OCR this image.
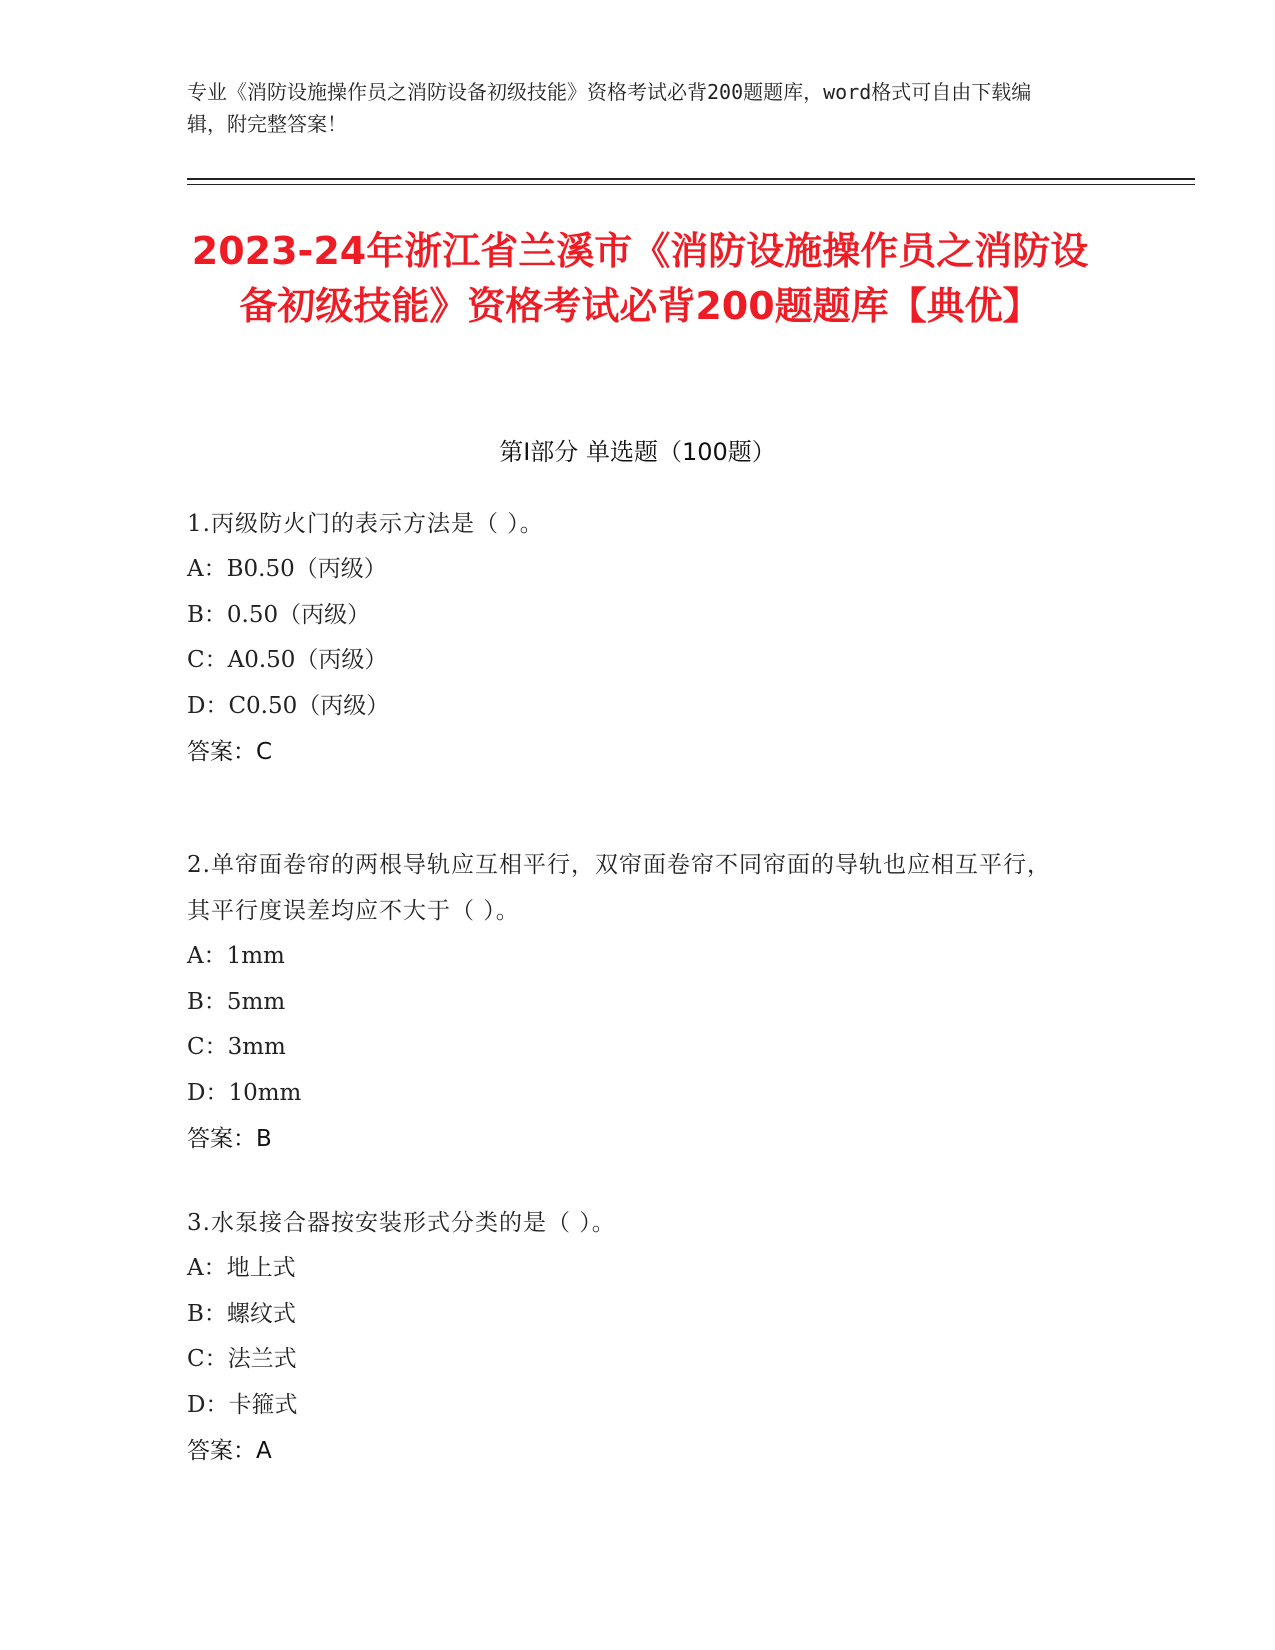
专业《消防设施操作员之消防设备初级技能》资格考试必背200题题库，word格式可自由下载编辑，附完整答案！
2023-24年浙江省兰溪市《消防设施操作员之消防设备初级技能》资格考试必背200题题库【典优】
第I部分 单选题（100题）
1.丙级防火门的表示方法是（ ）。
A：B0.50（丙级）
B：0.50（丙级）
C：A0.50（丙级）
D：C0.50（丙级）
答案：C
2.单帘面卷帘的两根导轨应互相平行，双帘面卷帘不同帘面的导轨也应相互平行，其平行度误差均应不大于（ ）。
A：1mm
B：5mm
C：3mm
D：10mm
答案：B
3.水泵接合器按安装形式分类的是（ ）。
A：地上式
B：螺纹式
C：法兰式
D：卡箍式
答案：A
